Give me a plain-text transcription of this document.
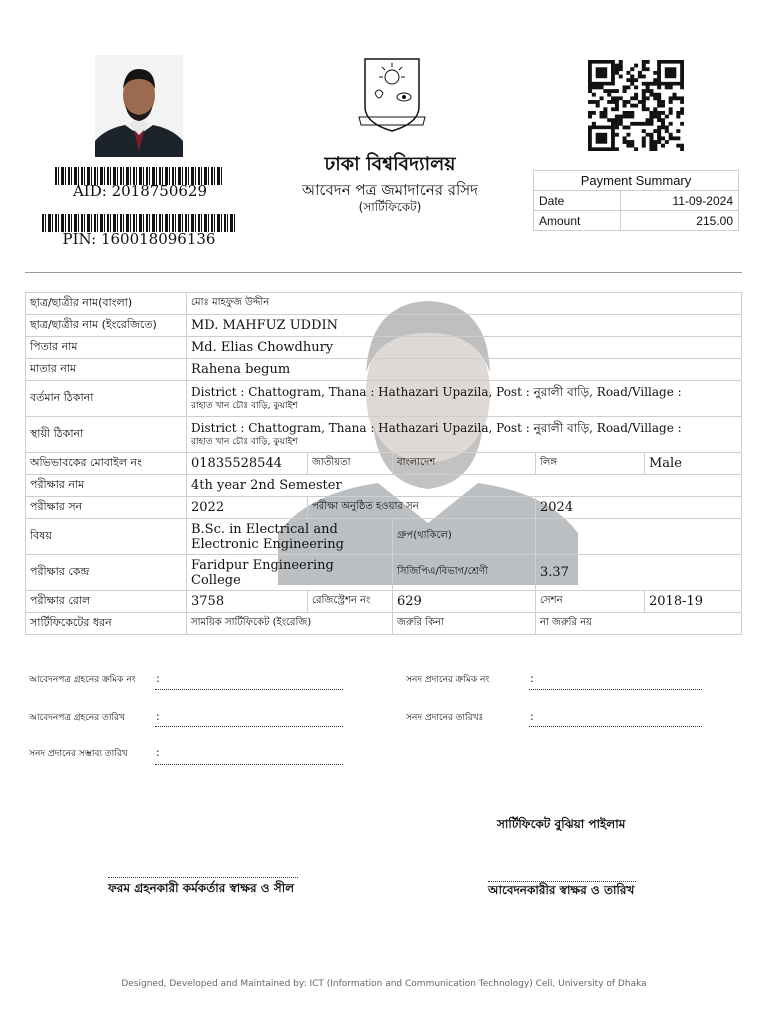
AID: 2018750629
PIN: 160018096136
ঢাকা বিশ্ববিদ্যালয়
আবেদন পত্র জমাদানের রসিদ
(সার্টিফিকেট)
Payment Summary	
Date	11-09-2024
Amount	215.00
ছাত্র/ছাত্রীর নাম(বাংলা)	মোঃ মাহফুজ উদ্দীন				
ছাত্র/ছাত্রীর নাম (ইংরেজিতে)	MD. MAHFUZ UDDIN				
পিতার নাম	Md. Elias Chowdhury				
মাতার নাম	Rahena begum				
বর্তমান ঠিকানা	District : Chattogram, Thana : Hathazari Upazila, Post : নুরালী বাড়ি, Road/Village :
রাহাত খান চৌঃ বাড়ি, কুয়াইশ				

স্থায়ী ঠিকানা	District : Chattogram, Thana : Hathazari Upazila, Post : নুরালী বাড়ি, Road/Village :
রাহাত খান চৌঃ বাড়ি, কুয়াইশ				

অভিভাবকের মোবাইল নং	01835528544	জাতীয়তা	বাংলাদেশ	লিঙ্গ	Male
পরীক্ষার নাম	4th year 2nd Semester				
পরীক্ষার সন	2022	পরীক্ষা অনুষ্ঠিত হওয়ার সন		2024	
বিষয়	B.Sc. in Electrical and
Electronic Engineering		গ্রুপ(থাকিলে)		
পরীক্ষার কেন্দ্র	Faridpur Engineering
College		সিজিপিএ/বিভাগ/শ্রেণী	3.37	
পরীক্ষার রোল	3758	রেজিস্ট্রেশন নং	629	সেশন	2018-19
সার্টিফিকেটের ধরন	সাময়িক সার্টিফিকেট (ইংরেজি)		জরুরি কিনা	না জরুরি নয়	
আবেদনপত্র গ্রহনের ক্রমিক নং :	সনদ প্রদানের ক্রমিক নং	:
আবেদনপত্র গ্রহনের তারিখ	:	সনদ প্রদানের তারিখঃ	:
সনদ প্রদানের সম্ভাব্য তারিখ	:
সার্টিফিকেট বুঝিয়া পাইলাম
ফরম গ্রহনকারী কর্মকর্তার স্বাক্ষর ও সীল	আবেদনকারীর স্বাক্ষর ও তারিখ
Designed, Developed and Maintained by: ICT (Information and Communication Technology) Cell, University of Dhaka
